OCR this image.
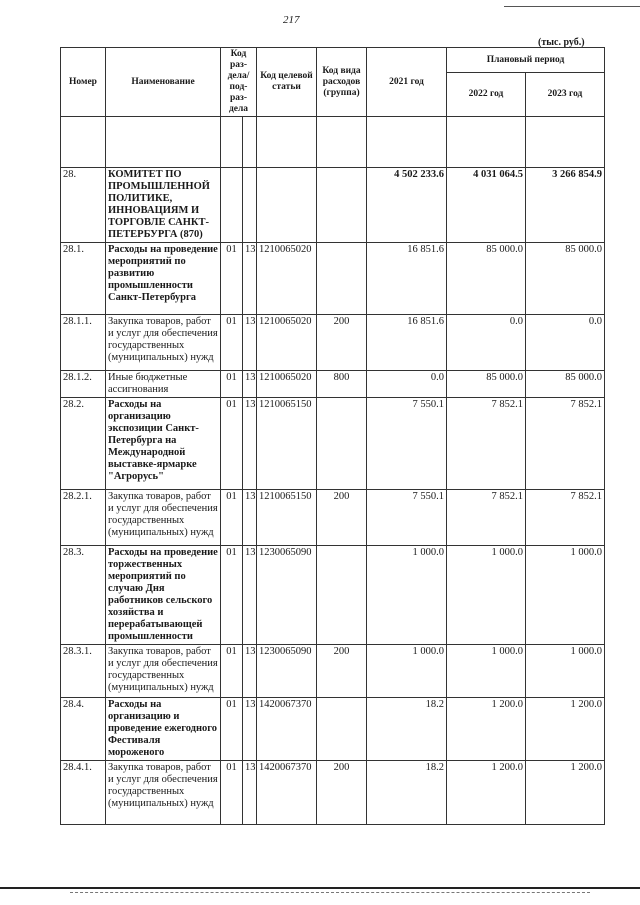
217
(тыс. руб.)
Номер	Наименование	Код раз-дела/под-раз-дела		Код целевой статьи	Код вида расходов (группа)	2021 год	Плановый период	
							2022 год	2023 год

28.	КОМИТЕТ ПО ПРОМЫШЛЕННОЙ ПОЛИТИКЕ, ИННОВАЦИЯМ И ТОРГОВЛЕ САНКТ-ПЕТЕРБУРГА (870)					4 502 233.6	4 031 064.5	3 266 854.9
28.1.	Расходы на проведение мероприятий по развитию промышленности Санкт-Петербурга	01	13	1210065020		16 851.6	85 000.0	85 000.0
28.1.1.	Закупка товаров, работ и услуг для обеспечения государственных (муниципальных) нужд	01	13	1210065020	200	16 851.6	0.0	0.0
28.1.2.	Иные бюджетные ассигнования	01	13	1210065020	800	0.0	85 000.0	85 000.0
28.2.	Расходы на организацию экспозиции Санкт-Петербурга на Международной выставке-ярмарке "Агрорусь"	01	13	1210065150		7 550.1	7 852.1	7 852.1
28.2.1.	Закупка товаров, работ и услуг для обеспечения государственных (муниципальных) нужд	01	13	1210065150	200	7 550.1	7 852.1	7 852.1
28.3.	Расходы на проведение торжественных мероприятий по случаю Дня работников сельского хозяйства и перерабатывающей промышленности	01	13	1230065090		1 000.0	1 000.0	1 000.0
28.3.1.	Закупка товаров, работ и услуг для обеспечения государственных (муниципальных) нужд	01	13	1230065090	200	1 000.0	1 000.0	1 000.0
28.4.	Расходы на организацию и проведение ежегодного Фестиваля мороженого	01	13	1420067370		18.2	1 200.0	1 200.0
28.4.1.	Закупка товаров, работ и услуг для обеспечения государственных (муниципальных) нужд	01	13	1420067370	200	18.2	1 200.0	1 200.0
